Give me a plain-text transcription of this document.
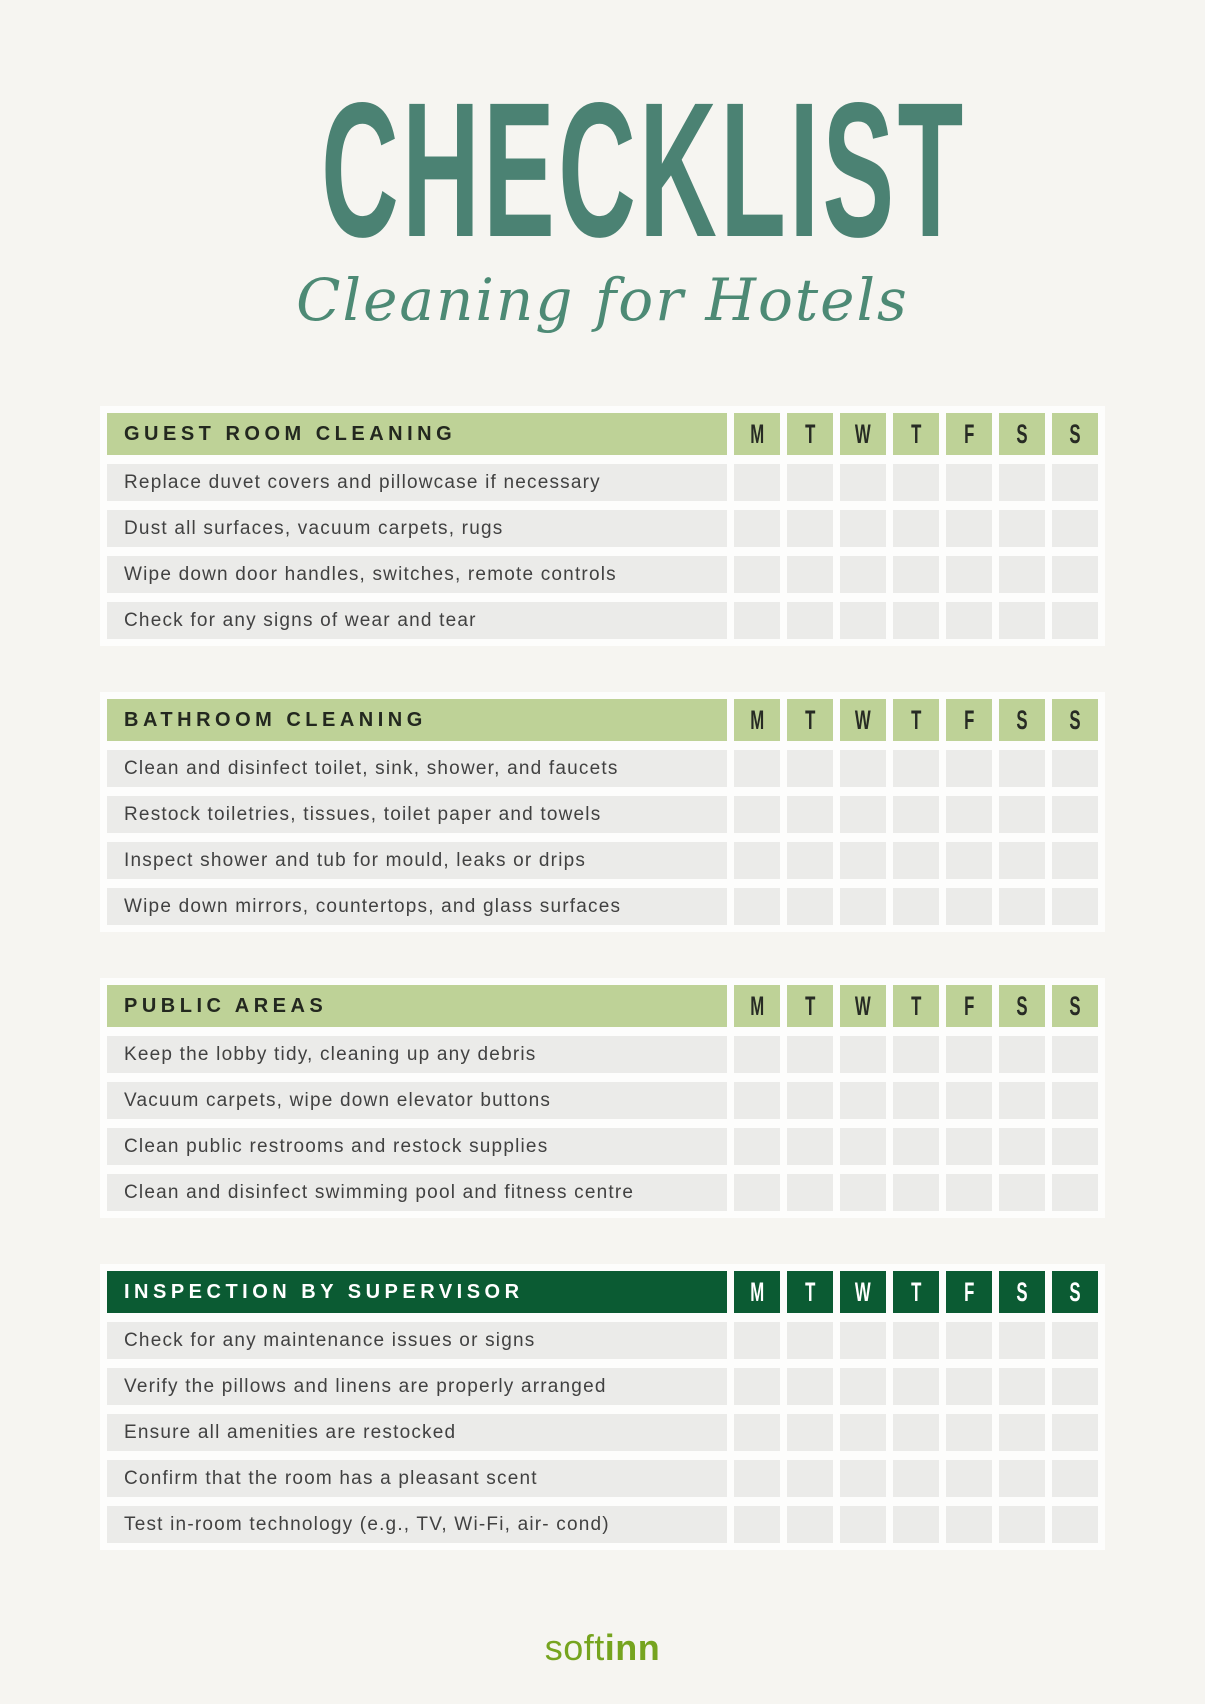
CHECKLIST
Cleaning for Hotels
GUEST ROOM CLEANING	M T W T F S S
Replace duvet covers and pillowcase if necessary
Dust all surfaces, vacuum carpets, rugs
Wipe down door handles, switches, remote controls
Check for any signs of wear and tear
BATHROOM CLEANING	M T W T F S S
Clean and disinfect toilet, sink, shower, and faucets
Restock toiletries, tissues, toilet paper and towels
Inspect shower and tub for mould, leaks or drips
Wipe down mirrors, countertops, and glass surfaces
PUBLIC AREAS	M T W T F S S
Keep the lobby tidy, cleaning up any debris
Vacuum carpets, wipe down elevator buttons
Clean public restrooms and restock supplies
Clean and disinfect swimming pool and fitness centre
INSPECTION BY SUPERVISOR	M T W T F S S
Check for any maintenance issues or signs
Verify the pillows and linens are properly arranged
Ensure all amenities are restocked
Confirm that the room has a pleasant scent
Test in-room technology (e.g., TV, Wi-Fi, air- cond)
softinn
